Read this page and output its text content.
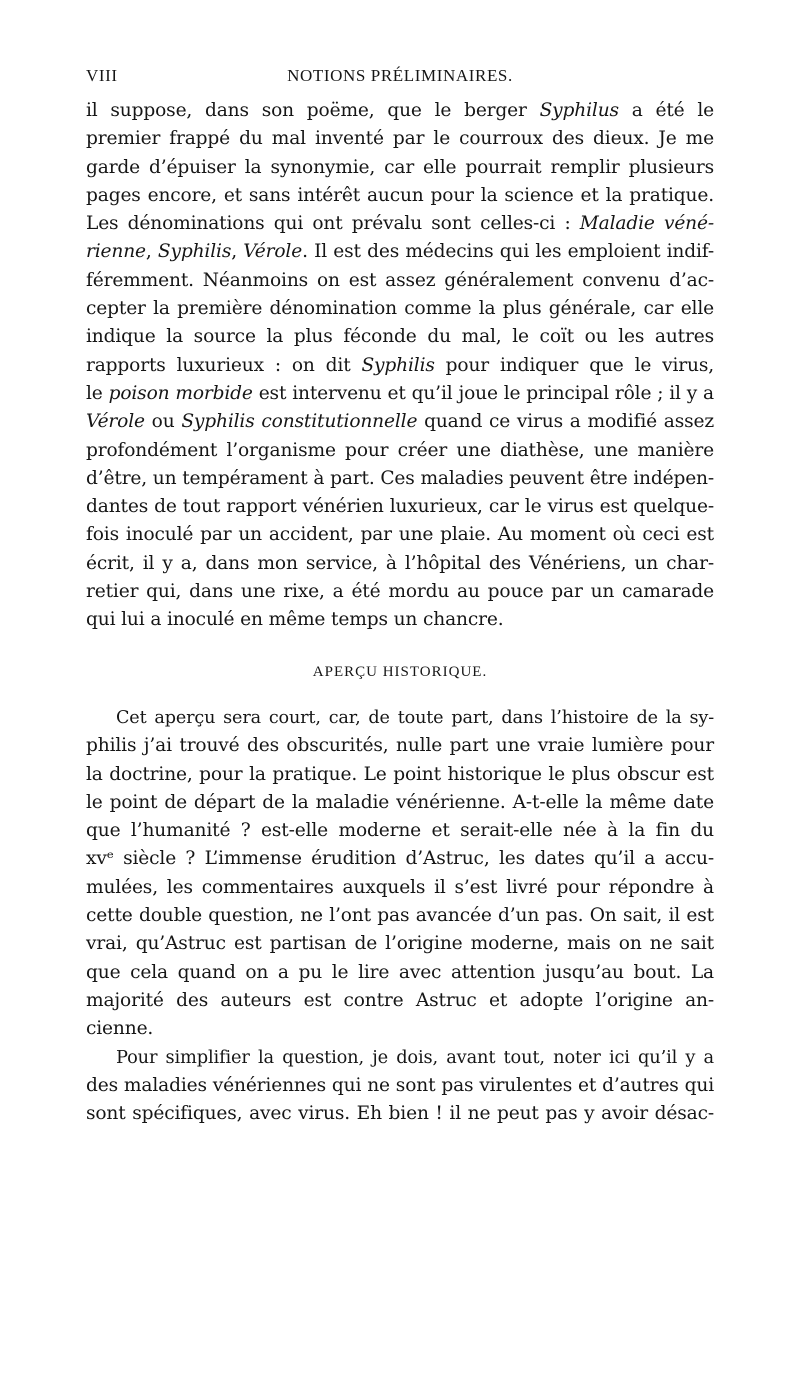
VIII	NOTIONS PRÉLIMINAIRES.
il suppose, dans son poëme, que le berger Syphilus a été le
premier frappé du mal inventé par le courroux des dieux. Je me
garde d’épuiser la synonymie, car elle pourrait remplir plusieurs
pages encore, et sans intérêt aucun pour la science et la pratique.
Les dénominations qui ont prévalu sont celles-ci : Maladie véné-
rienne, Syphilis, Vérole. Il est des médecins qui les emploient indif-
féremment. Néanmoins on est assez généralement convenu d’ac-
cepter la première dénomination comme la plus générale, car elle
indique la source la plus féconde du mal, le coït ou les autres
rapports luxurieux : on dit Syphilis pour indiquer que le virus,
le poison morbide est intervenu et qu’il joue le principal rôle ; il y a
Vérole ou Syphilis constitutionnelle quand ce virus a modifié assez
profondément l’organisme pour créer une diathèse, une manière
d’être, un tempérament à part. Ces maladies peuvent être indépen-
dantes de tout rapport vénérien luxurieux, car le virus est quelque-
fois inoculé par un accident, par une plaie. Au moment où ceci est
écrit, il y a, dans mon service, à l’hôpital des Vénériens, un char-
retier qui, dans une rixe, a été mordu au pouce par un camarade
qui lui a inoculé en même temps un chancre.
APERÇU HISTORIQUE.
Cet aperçu sera court, car, de toute part, dans l’histoire de la sy-
philis j’ai trouvé des obscurités, nulle part une vraie lumière pour
la doctrine, pour la pratique. Le point historique le plus obscur est
le point de départ de la maladie vénérienne. A-t-elle la même date
que l’humanité ? est-elle moderne et serait-elle née à la fin du
xvᵉ siècle ? L’immense érudition d’Astruc, les dates qu’il a accu-
mulées, les commentaires auxquels il s’est livré pour répondre à
cette double question, ne l’ont pas avancée d’un pas. On sait, il est
vrai, qu’Astruc est partisan de l’origine moderne, mais on ne sait
que cela quand on a pu le lire avec attention jusqu’au bout. La
majorité des auteurs est contre Astruc et adopte l’origine an-
cienne.
Pour simplifier la question, je dois, avant tout, noter ici qu’il y a
des maladies vénériennes qui ne sont pas virulentes et d’autres qui
sont spécifiques, avec virus. Eh bien ! il ne peut pas y avoir désac-
